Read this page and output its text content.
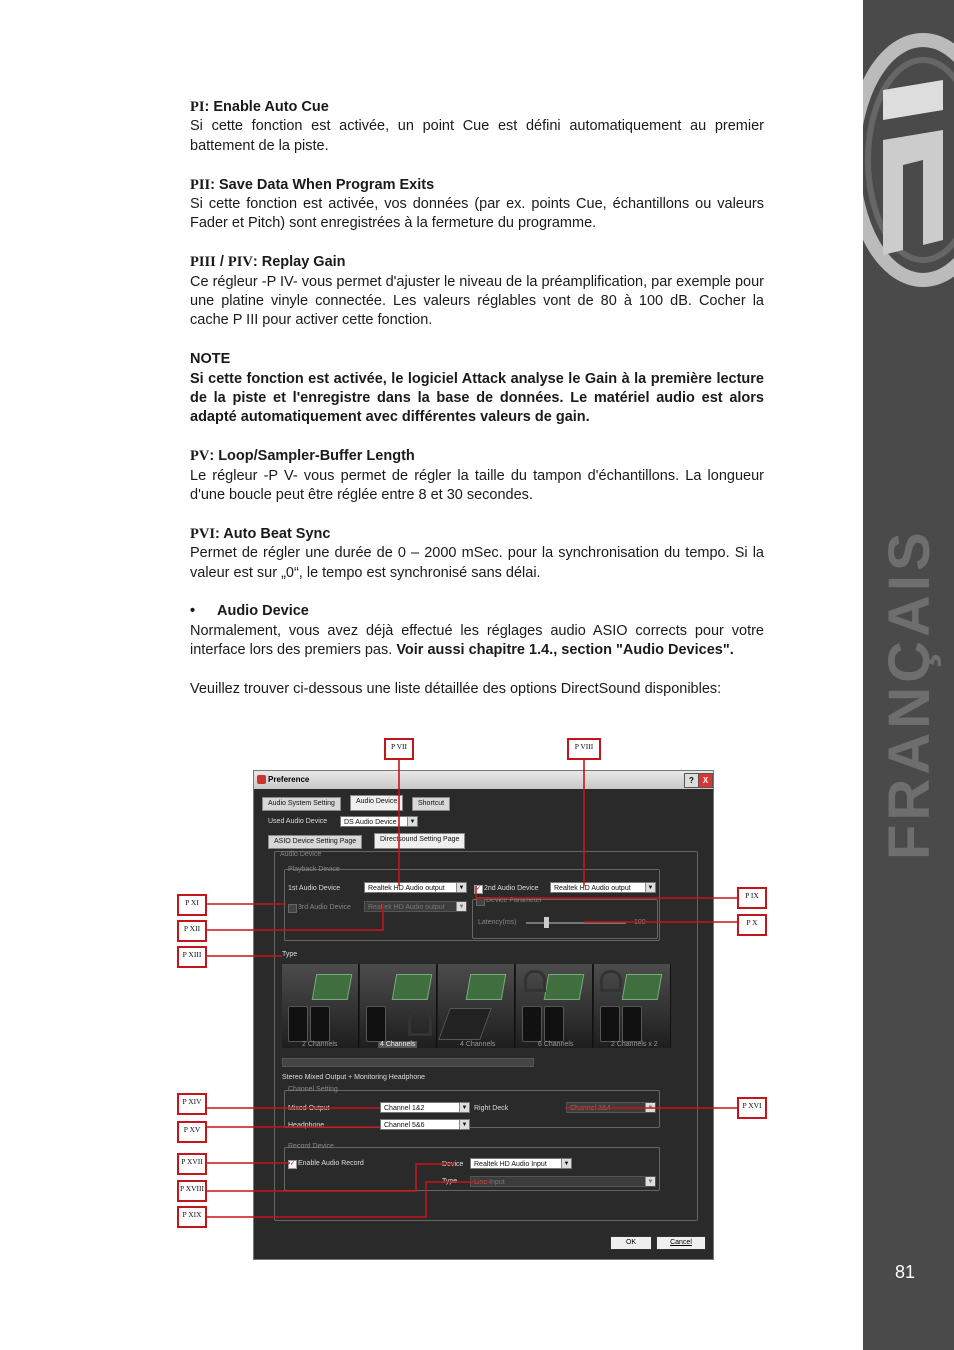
FRANÇAIS
81

PI: Enable Auto Cue
Si cette fonction est activée, un point Cue est défini automatiquement au premier battement de la piste.

PII: Save Data When Program Exits
Si cette fonction est activée, vos données (par ex. points Cue, échantillons ou valeurs Fader et Pitch) sont enregistrées à la fermeture du programme.

PIII / PIV: Replay Gain
Ce régleur -P IV- vous permet d'ajuster le niveau de la préamplification, par exemple pour une platine vinyle connectée. Les valeurs réglables vont de 80 à 100 dB. Cocher la cache P III pour activer cette fonction.

NOTE
Si cette fonction est activée, le logiciel Attack analyse le Gain à la première lecture de la piste et l'enregistre dans la base de données. Le matériel audio est alors adapté automatiquement avec différentes valeurs de gain.

PV: Loop/Sampler-Buffer Length
Le régleur -P V- vous permet de régler la taille du tampon d'échantillons. La longueur d'une boucle peut être réglée entre 8 et 30 secondes.

PVI: Auto Beat Sync
Permet de régler une durée de 0 – 2000 mSec. pour la synchronisation du tempo. Si la valeur est sur „0“, le tempo est synchronisé sans délai.

• Audio Device
Normalement, vous avez déjà effectué les réglages audio ASIO corrects pour votre interface lors des premiers pas. Voir aussi chapitre 1.4., section "Audio Devices".

Veuillez trouver ci-dessous une liste détaillée des options DirectSound disponibles:

Preference	?	X
Audio System Setting	Audio Device	Shortcut
Used Audio Device	DS Audio Device	▼
ASIO Device Setting Page	Directsound Setting Page
Audio Device
Playback Device
1st Audio Device	Realtek HD Audio output	▼	✓ 2nd Audio Device	Realtek HD Audio output	▼
3rd Audio Device	Realtek HD Audio output	▼
Device Parameter
Latency(ms)	100
Type
2 Channels	4 Channels	4 Channels	6 Channels	2 Channels x 2
Stereo Mixed Output + Monitoring Headphone
Channel Setting
Mixed Output	Channel 1&2	▼ Right Deck	Channel 3&4	▼
Headphone	Channel 5&6	▼
Record Device
✓ Enable Audio Record	Device	Realtek HD Audio Input	▼
Type	Line Input	▼
OK	Cancel
P VII	P VIII
P IX
P X
P XI
P XII
P XIII
P XIV
P XV
P XVI
P XVII
P XVIII
P XIX
